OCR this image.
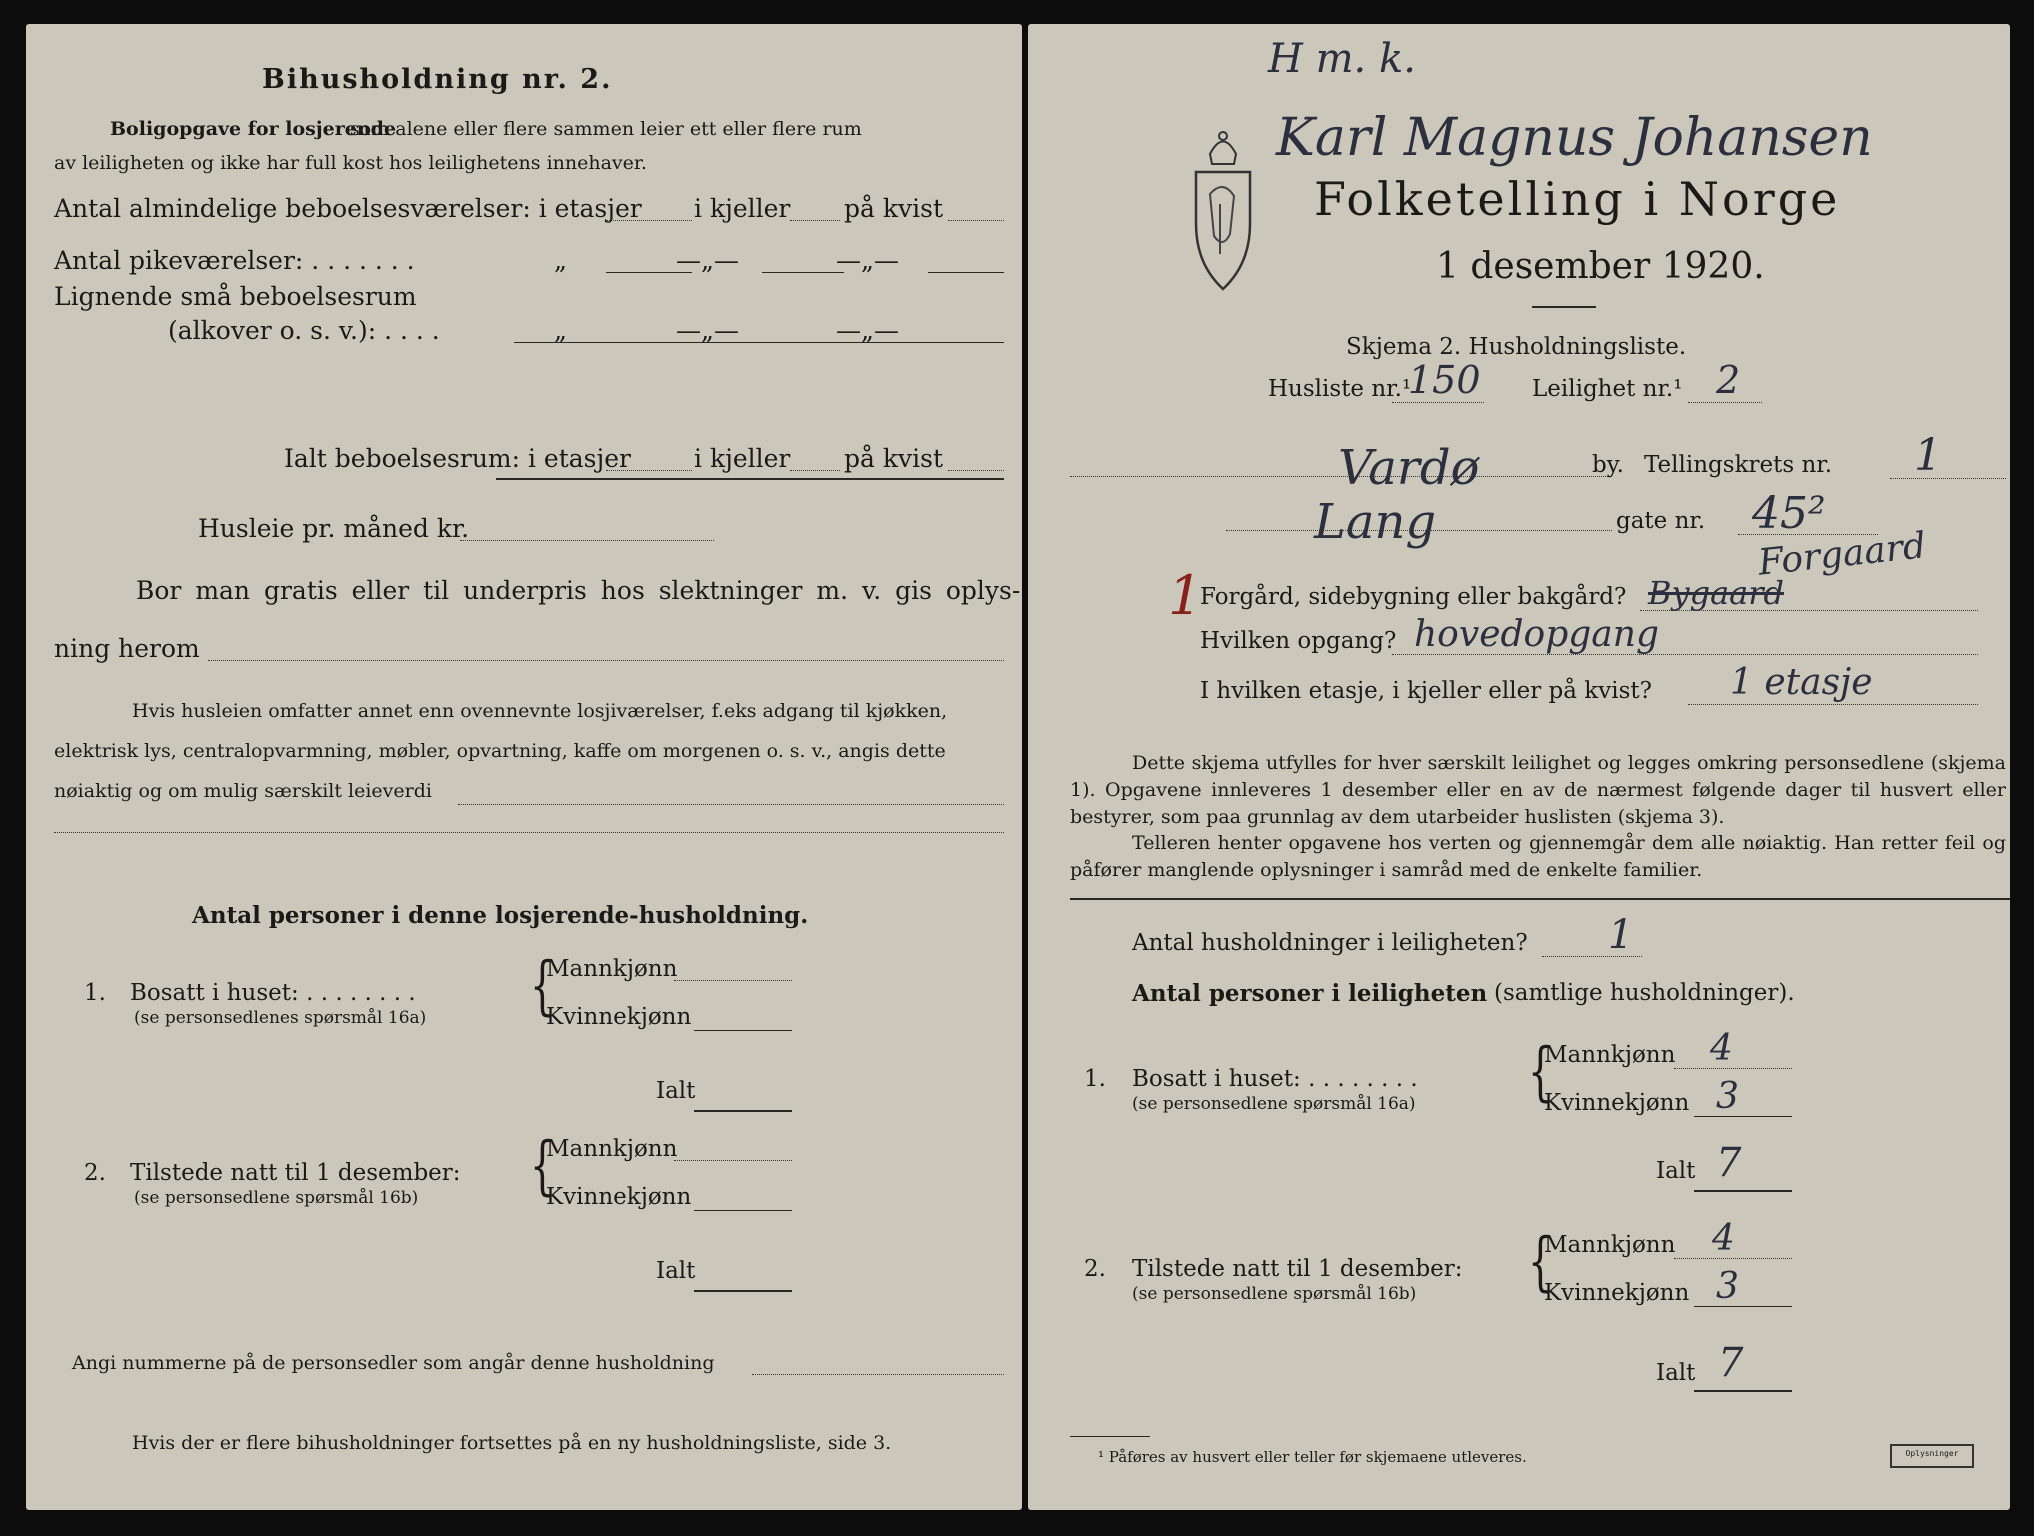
Bihusholdning nr. 2.
Boligopgave for losjerende
som alene eller flere sammen leier ett eller flere rum
av leiligheten og ikke har full kost hos leilighetens innehaver.
Antal almindelige beboelsesværelser: i etasjer i kjeller på kvist
Antal pikeværelser: . . . . . . .	„	—„—	—„—
Lignende små beboelsesrum
(alkover o. s. v.): . . . .	„	—„—	—„—
Ialt beboelsesrum: i etasjer	i kjeller på kvist
Husleie pr. måned kr.
Bor man gratis eller til underpris hos slektninger m. v. gis oplys-
ning herom
Hvis husleien omfatter annet enn ovennevnte losjiværelser, f.eks adgang til kjøkken,
elektrisk lys, centralopvarmning, møbler, opvartning, kaffe om morgenen o. s. v., angis dette
nøiaktig og om mulig særskilt leieverdi
Antal personer i denne losjerende-husholdning.
1. Bosatt i huset: . . . . . . . .
(se personsedlenes spørsmål 16a) {
Mannkjønn
Kvinnekjønn
Ialt
2. Tilstede natt til 1 desember:
(se personsedlene spørsmål 16b) {
Mannkjønn
Kvinnekjønn
Ialt
Angi nummerne på de personsedler som angår denne husholdning
Hvis der er flere bihusholdninger fortsettes på en ny husholdningsliste, side 3.
H m. k.
Karl Magnus Johansen
Folketelling i Norge
1 desember 1920.
Skjema 2. Husholdningsliste.
Husliste nr.¹
150 Leilighet nr.¹ 2
Vardø	by. Tellingskrets nr. 1
Lang	gate nr. 45²
1
Forgård, sidebygning eller bakgård? Bygaard
Forgaard
Hvilken opgang? hovedopgang
I hvilken etasje, i kjeller eller på kvist? 1 etasje
Dette skjema utfylles for hver særskilt leilighet og legges omkring personsedlene (skjema 1). Opgavene innleveres 1 desember eller en av de nærmest følgende dager til husvert eller bestyrer, som paa grunnlag av dem utarbeider huslisten (skjema 3).
Telleren henter opgavene hos verten og gjennemgår dem alle nøiaktig. Han retter feil og påfører manglende oplysninger i samråd med de enkelte familier.
Antal husholdninger i leiligheten? 1
Antal personer i leiligheten (samtlige husholdninger).
1. Bosatt i huset: . . . . . . . .
(se personsedlene spørsmål 16a) {
Mannkjønn 4
Kvinnekjønn 3
Ialt 7
2. Tilstede natt til 1 desember:
(se personsedlene spørsmål 16b) {
Mannkjønn 4
Kvinnekjønn 3
Ialt 7
¹ Påføres av husvert eller teller før skjemaene utleveres.	Oplysninger
